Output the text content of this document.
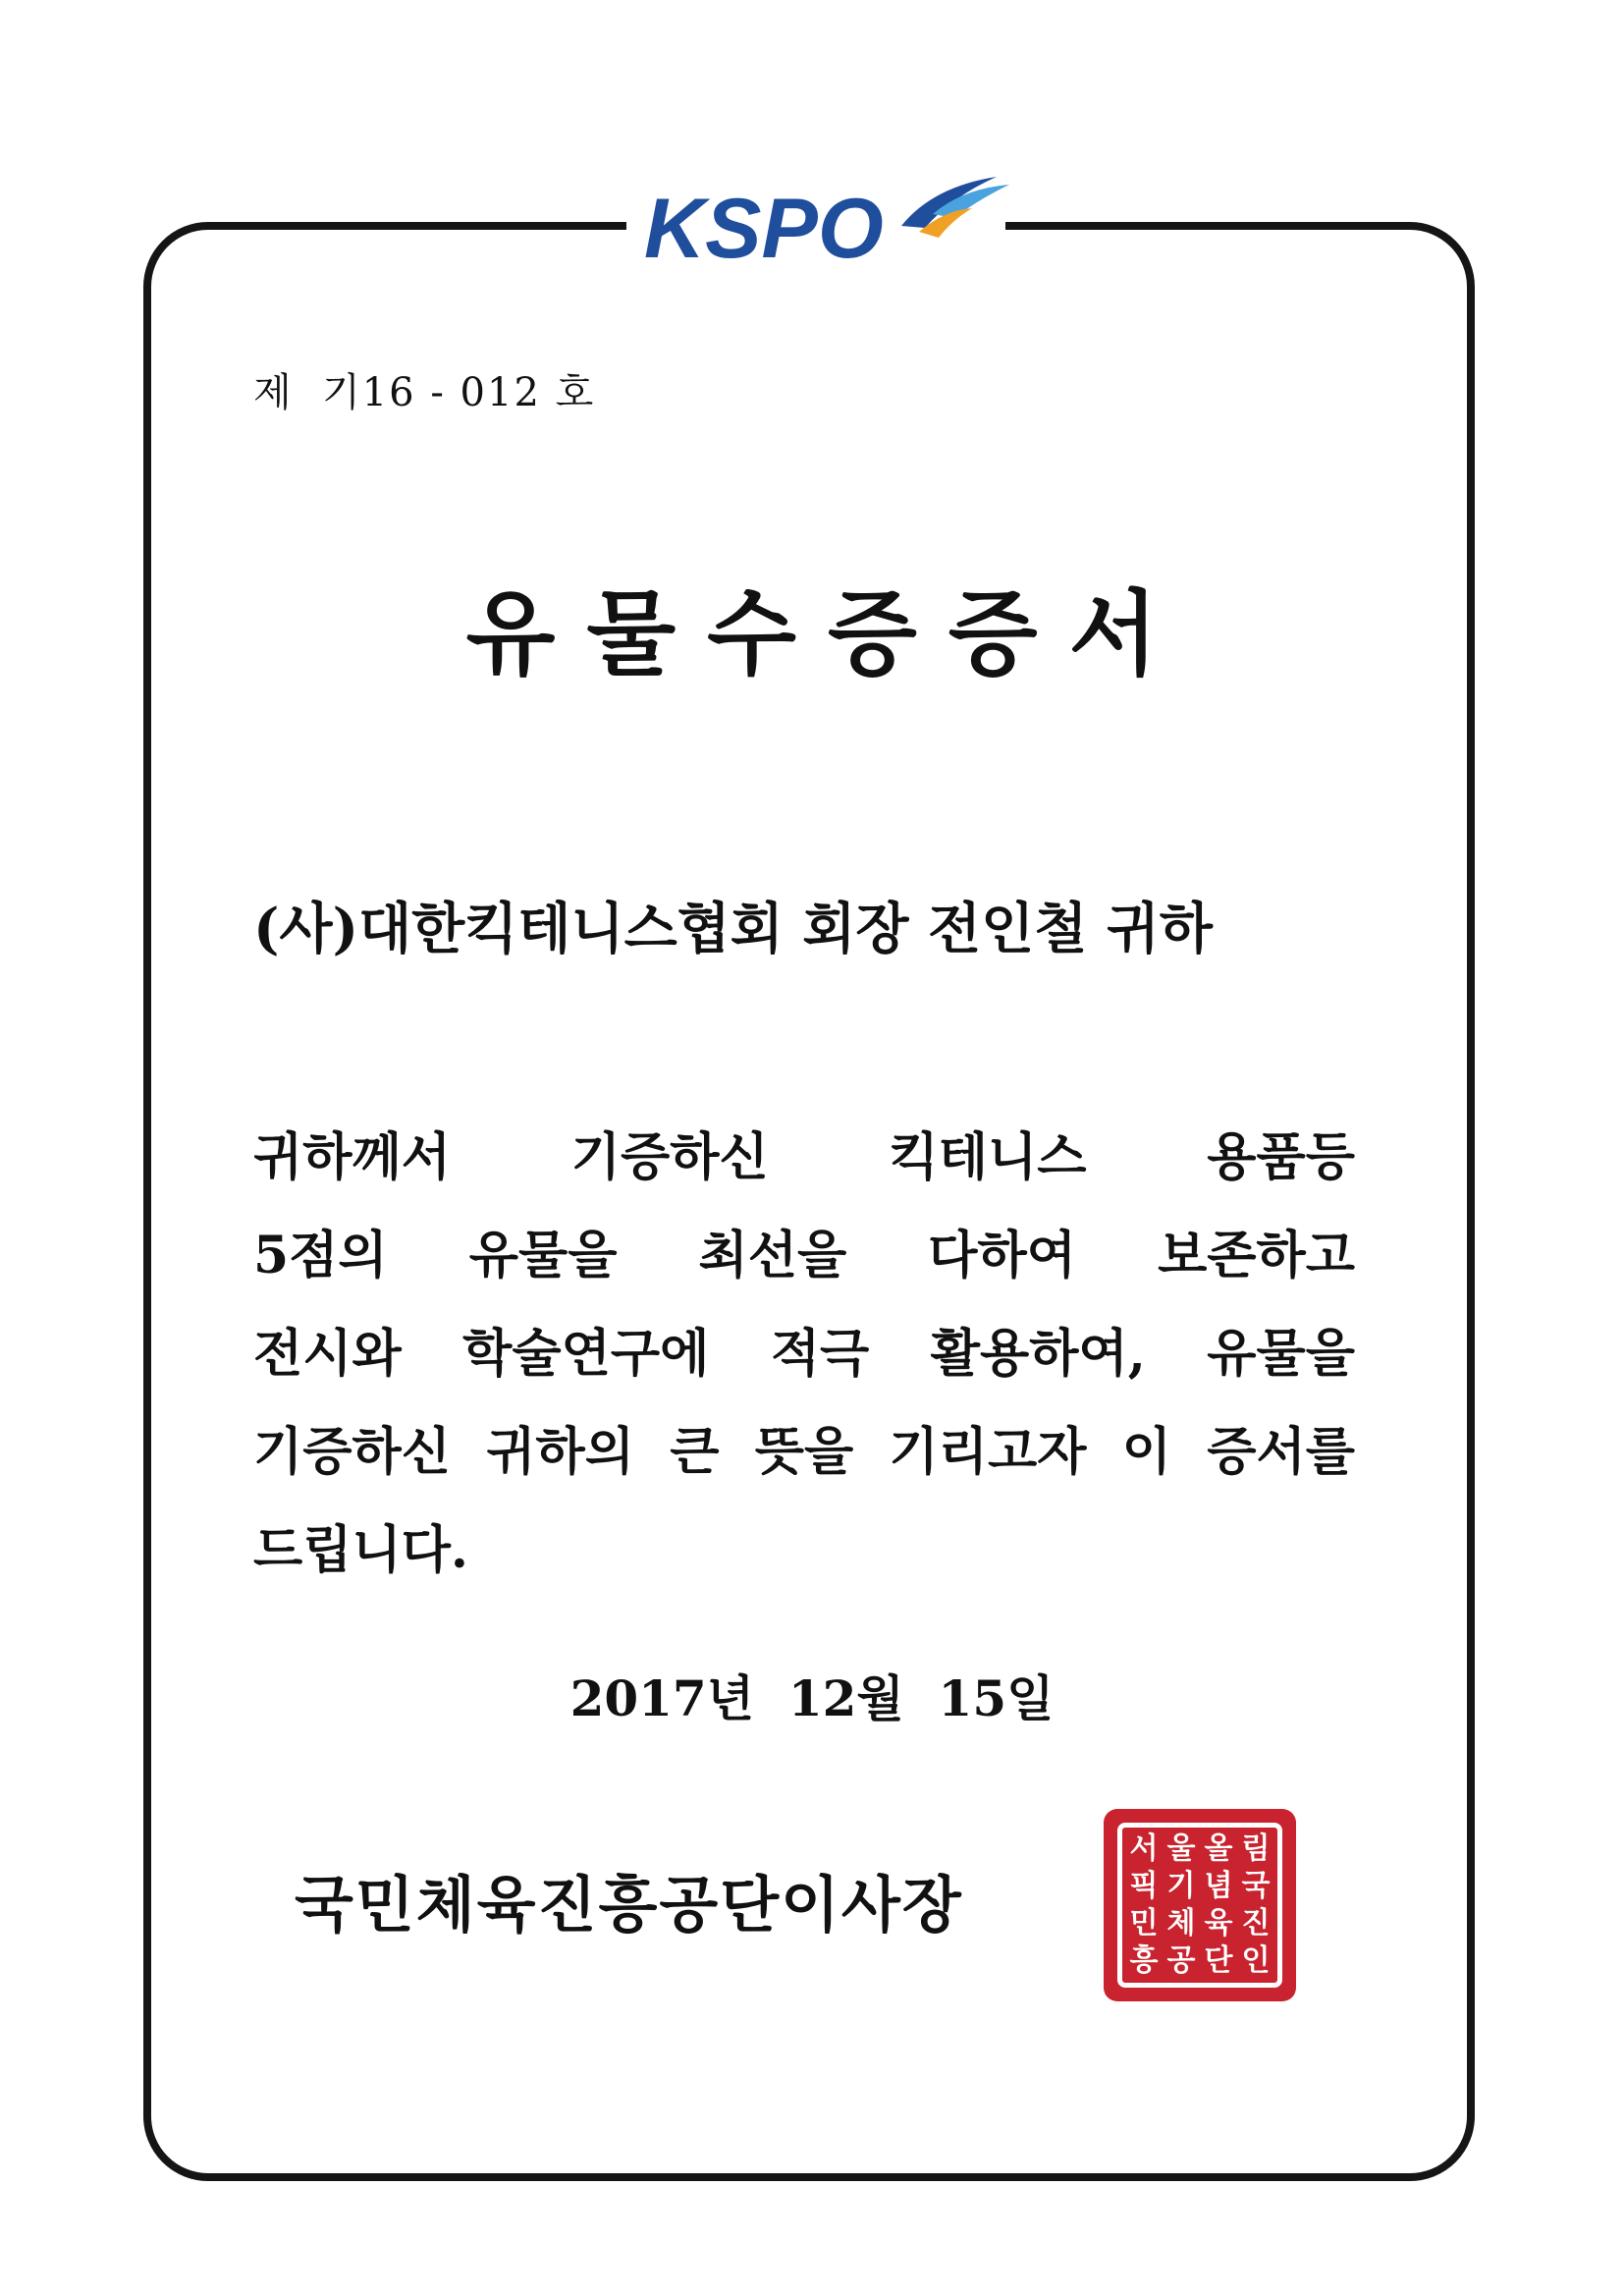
KSPO
제  기16 - 012 호
유물수증증서
(사)대한킥테니스협회 회장 전인철 귀하
귀하께서 기증하신 킥테니스 용품등
5점의 유물을 최선을 다하여 보존하고
전시와 학술연구에 적극 활용하여, 유물을
기증하신 귀하의 큰 뜻을 기리고자 이 증서를
드립니다.
2017년  12월  15일
국민체육진흥공단이사장
서 울 올 림
픽 기 념 국
민 체 육 진
흥 공 단 인
